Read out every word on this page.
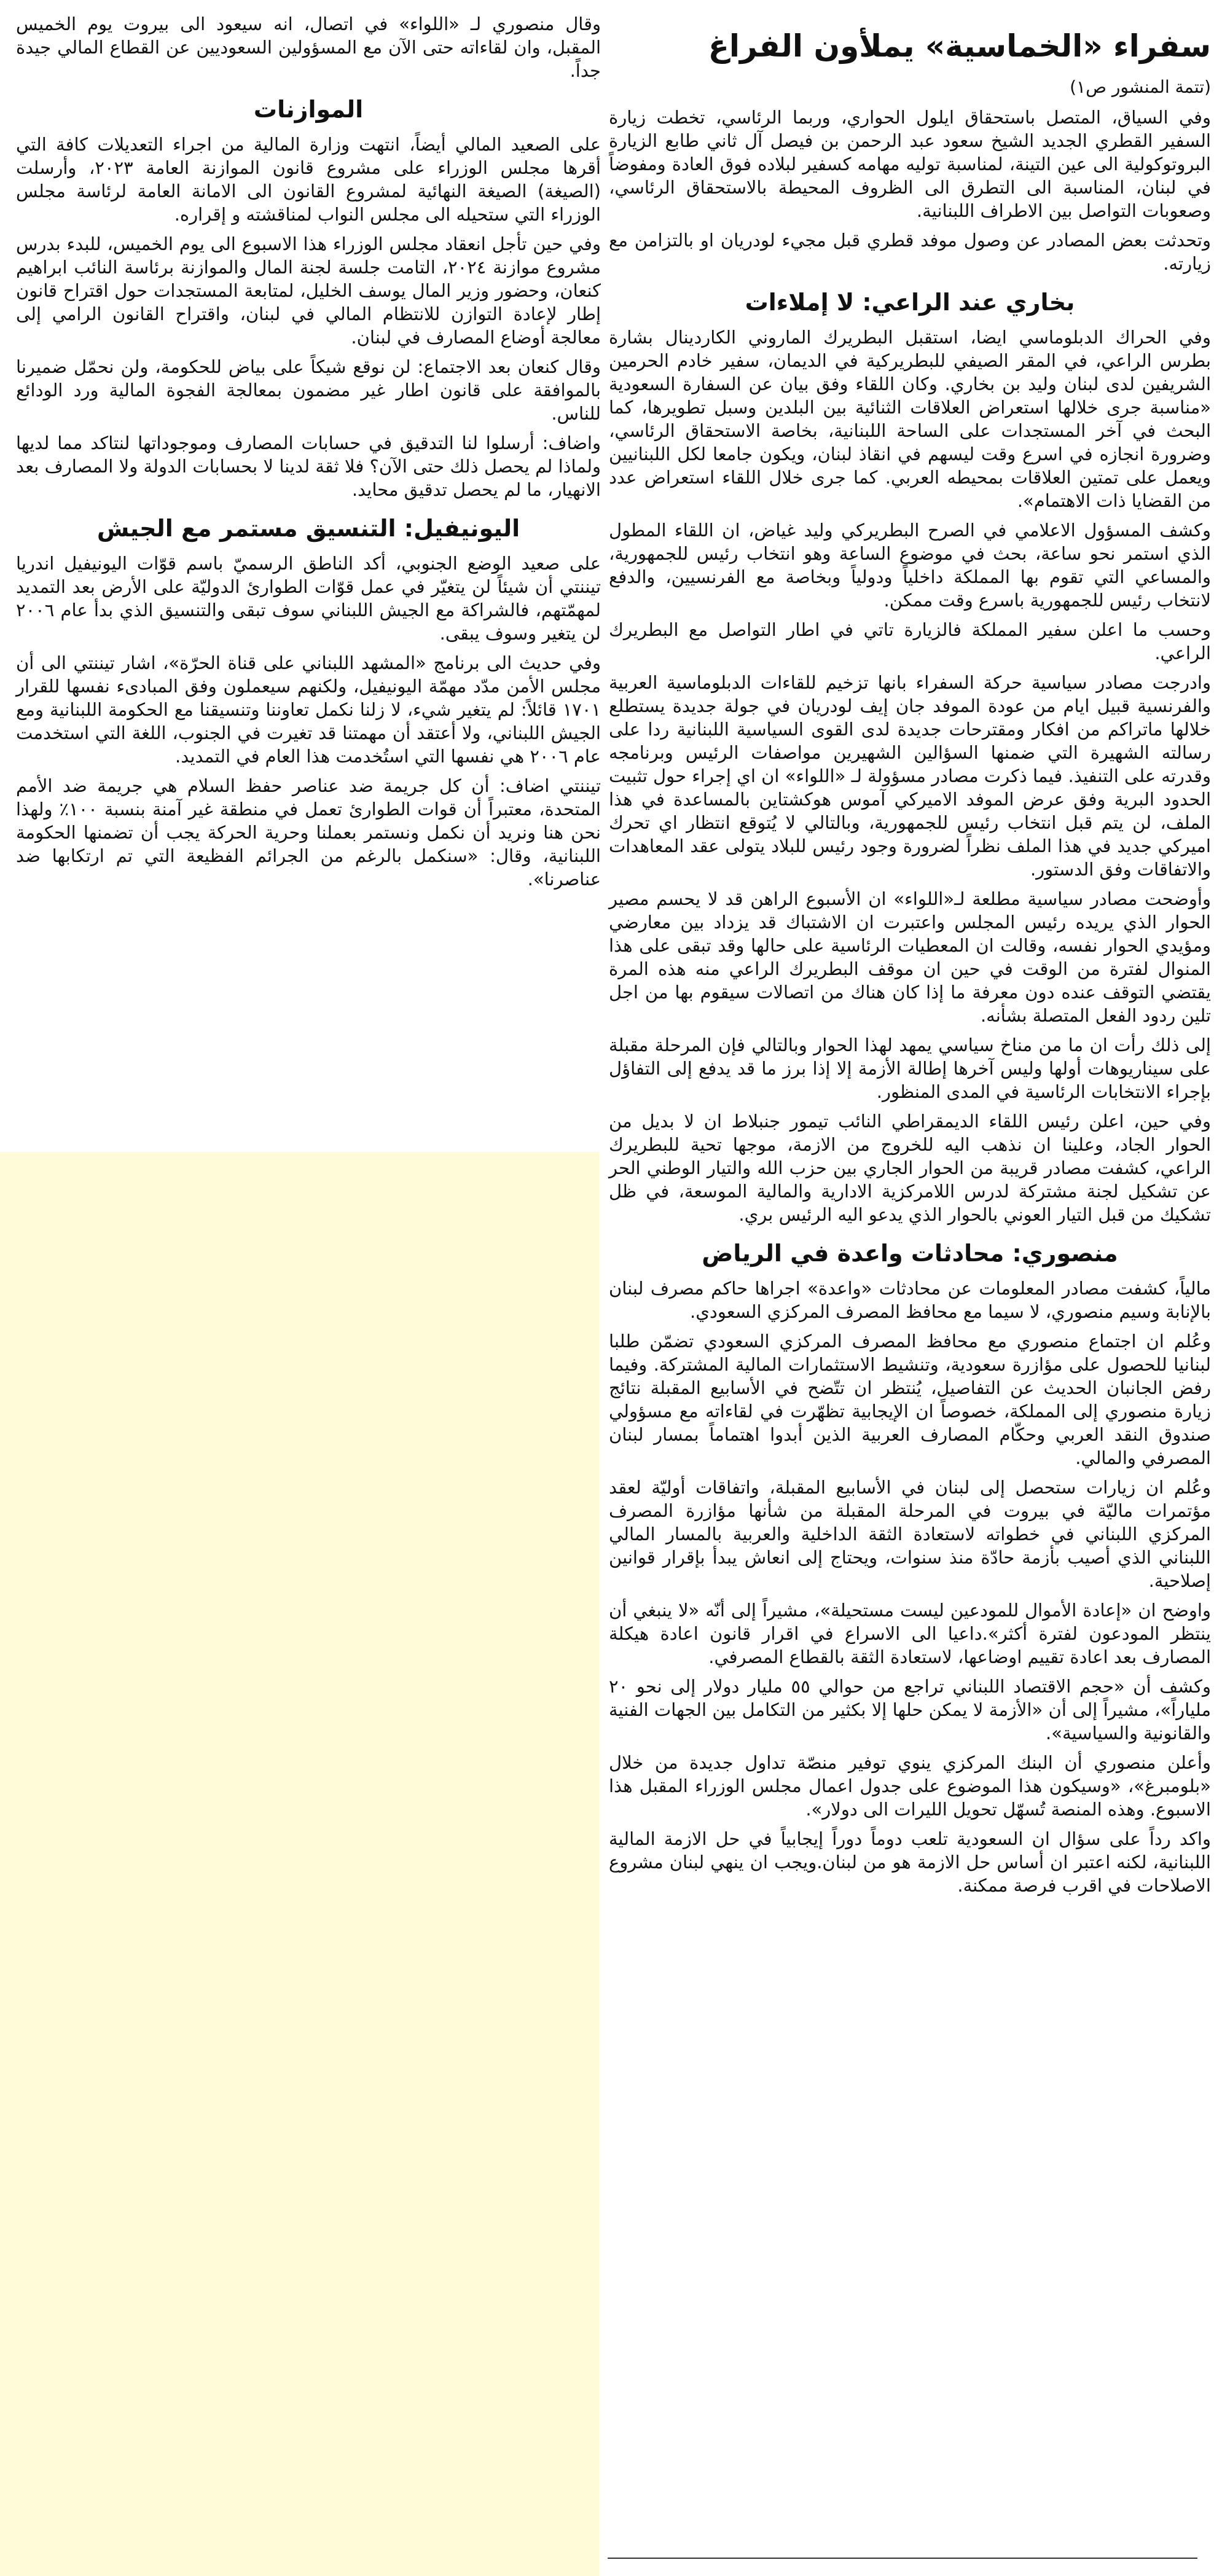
سفراء «الخماسية» يملأون الفراغ
(تتمة المنشور ص١)

وفي السياق، المتصل باستحقاق ايلول الحواري، وربما الرئاسي، تخطت زيارة السفير القطري الجديد الشيخ سعود عبد الرحمن بن فيصل آل ثاني طابع الزيارة البروتوكولية الى عين التينة، لمناسبة توليه مهامه كسفير لبلاده فوق العادة ومفوضاً في لبنان، المناسبة الى التطرق الى الظروف المحيطة بالاستحقاق الرئاسي، وصعوبات التواصل بين الاطراف اللبنانية.

وتحدثت بعض المصادر عن وصول موفد قطري قبل مجيء لودريان او بالتزامن مع زيارته.

بخاري عند الراعي: لا إملاءات

وفي الحراك الدبلوماسي ايضا، استقبل البطريرك الماروني الكاردينال بشارة بطرس الراعي، في المقر الصيفي للبطريركية في الديمان، سفير خادم الحرمين الشريفين لدى لبنان وليد بن بخاري. وكان اللقاء وفق بيان عن السفارة السعودية «مناسبة جرى خلالها استعراض العلاقات الثنائية بين البلدين وسبل تطويرها، كما البحث في آخر المستجدات على الساحة اللبنانية، بخاصة الاستحقاق الرئاسي، وضرورة انجازه في اسرع وقت ليسهم في انقاذ لبنان، ويكون جامعا لكل اللبنانيين ويعمل على تمتين العلاقات بمحيطه العربي. كما جرى خلال اللقاء استعراض عدد من القضايا ذات الاهتمام».

وكشف المسؤول الاعلامي في الصرح البطريركي وليد غياض، ان اللقاء المطول الذي استمر نحو ساعة، بحث في موضوع الساعة وهو انتخاب رئيس للجمهورية، والمساعي التي تقوم بها المملكة داخلياً ودولياً وبخاصة مع الفرنسيين، والدفع لانتخاب رئيس للجمهورية باسرع وقت ممكن.

وحسب ما اعلن سفير المملكة فالزيارة تاتي في اطار التواصل مع البطريرك الراعي.

وادرجت مصادر سياسية حركة السفراء بانها تزخيم للقاءات الدبلوماسية العربية والفرنسية قبيل ايام من عودة الموفد جان إيف لودريان في جولة جديدة يستطلع خلالها ماتراكم من افكار ومقترحات جديدة لدى القوى السياسية اللبنانية ردا على رسالته الشهيرة التي ضمنها السؤالين الشهيرين مواصفات الرئيس وبرنامجه وقدرته على التنفيذ. فيما ذكرت مصادر مسؤولة لـ «اللواء» ان اي إجراء حول تثبيت الحدود البرية وفق عرض الموفد الاميركي آموس هوكشتاين بالمساعدة في هذا الملف، لن يتم قبل انتخاب رئيس للجمهورية، وبالتالي لا يُتوقع انتظار اي تحرك اميركي جديد في هذا الملف نظراً لضرورة وجود رئيس للبلاد يتولى عقد المعاهدات والاتفاقات وفق الدستور.

وأوضحت مصادر سياسية مطلعة لـ«اللواء» ان الأسبوع الراهن قد لا يحسم مصير الحوار الذي يريده رئيس المجلس واعتبرت ان الاشتباك قد يزداد بين معارضي ومؤيدي الحوار نفسه، وقالت ان المعطيات الرئاسية على حالها وقد تبقى على هذا المنوال لفترة من الوقت في حين ان موقف البطريرك الراعي منه هذه المرة يقتضي التوقف عنده دون معرفة ما إذا كان هناك من اتصالات سيقوم بها من اجل تلين ردود الفعل المتصلة بشأنه.

إلى ذلك رأت ان ما من مناخ سياسي يمهد لهذا الحوار وبالتالي فإن المرحلة مقبلة على سيناريوهات أولها وليس آخرها إطالة الأزمة إلا إذا برز ما قد يدفع إلى التفاؤل بإجراء الانتخابات الرئاسية في المدى المنظور.

وفي حين، اعلن رئيس اللقاء الديمقراطي النائب تيمور جنبلاط ان لا بديل من الحوار الجاد، وعلينا ان نذهب اليه للخروج من الازمة، موجها تحية للبطريرك الراعي، كشفت مصادر قريبة من الحوار الجاري بين حزب الله والتيار الوطني الحر عن تشكيل لجنة مشتركة لدرس اللامركزية الادارية والمالية الموسعة، في ظل تشكيك من قبل التيار العوني بالحوار الذي يدعو اليه الرئيس بري.

منصوري: محادثات واعدة في الرياض

مالياً، كشفت مصادر المعلومات عن محادثات «واعدة» اجراها حاكم مصرف لبنان بالإنابة وسيم منصوري، لا سيما مع محافظ المصرف المركزي السعودي.

وعُلم ان اجتماع منصوري مع محافظ المصرف المركزي السعودي تضمّن طلبا لبنانيا للحصول على مؤازرة سعودية، وتنشيط الاستثمارات المالية المشتركة. وفيما رفض الجانبان الحديث عن التفاصيل، يُنتظر ان تتّضح في الأسابيع المقبلة نتائج زيارة منصوري إلى المملكة، خصوصاً ان الإيجابية تظهّرت في لقاءاته مع مسؤولي صندوق النقد العربي وحكّام المصارف العربية الذين أبدوا اهتماماً بمسار لبنان المصرفي والمالي.

وعُلم ان زيارات ستحصل إلى لبنان في الأسابيع المقبلة، واتفاقات أوليّة لعقد مؤتمرات ماليّة في بيروت في المرحلة المقبلة من شأنها مؤازرة المصرف المركزي اللبناني في خطواته لاستعادة الثقة الداخلية والعربية بالمسار المالي اللبناني الذي أصيب بأزمة حادّة منذ سنوات، ويحتاج إلى انعاش يبدأ بإقرار قوانين إصلاحية.

واوضح ان «إعادة الأموال للمودعين ليست مستحيلة»، مشيراً إلى أنّه «لا ينبغي أن ينتظر المودعون لفترة أكثر».داعيا الى الاسراع في اقرار قانون اعادة هيكلة المصارف بعد اعادة تقييم اوضاعها، لاستعادة الثقة بالقطاع المصرفي.

وكشف أن «حجم الاقتصاد اللبناني تراجع من حوالي ٥٥ مليار دولار إلى نحو ٢٠ ملياراً»، مشيراً إلى أن «الأزمة لا يمكن حلها إلا بكثير من التكامل بين الجهات الفنية والقانونية والسياسية».

وأعلن منصوري أن البنك المركزي ينوي توفير منصّة تداول جديدة من خلال «بلومبرغ»، «وسيكون هذا الموضوع على جدول اعمال مجلس الوزراء المقبل هذا الاسبوع. وهذه المنصة تُسهّل تحويل الليرات الى دولار».

واكد رداً على سؤال ان السعودية تلعب دوماً دوراً إيجابياً في حل الازمة المالية اللبنانية، لكنه اعتبر ان أساس حل الازمة هو من لبنان.ويجب ان ينهي لبنان مشروع الاصلاحات في اقرب فرصة ممكنة.

وقال منصوري لـ «اللواء» في اتصال، انه سيعود الى بيروت يوم الخميس المقبل، وان لقاءاته حتى الآن مع المسؤولين السعوديين عن القطاع المالي جيدة جداً.

الموازنات

على الصعيد المالي أيضاً، انتهت وزارة المالية من اجراء التعديلات كافة التي أقرها مجلس الوزراء على مشروع قانون الموازنة العامة ٢٠٢٣، وأرسلت (الصيغة) الصيغة النهائية لمشروع القانون الى الامانة العامة لرئاسة مجلس الوزراء التي ستحيله الى مجلس النواب لمناقشته و إقراره.

وفي حين تأجل انعقاد مجلس الوزراء هذا الاسبوع الى يوم الخميس، للبدء بدرس مشروع موازنة ٢٠٢٤، التامت جلسة لجنة المال والموازنة برئاسة النائب ابراهيم كنعان، وحضور وزير المال يوسف الخليل، لمتابعة المستجدات حول اقتراح قانون إطار لإعادة التوازن للانتظام المالي في لبنان، واقتراح القانون الرامي إلى معالجة أوضاع المصارف في لبنان.

وقال كنعان بعد الاجتماع: لن نوقع شيكاً على بياض للحكومة، ولن نحمّل ضميرنا بالموافقة على قانون اطار غير مضمون بمعالجة الفجوة المالية ورد الودائع للناس.

واضاف: أرسلوا لنا التدقيق في حسابات المصارف وموجوداتها لنتاكد مما لديها ولماذا لم يحصل ذلك حتى الآن؟ فلا ثقة لدينا لا بحسابات الدولة ولا المصارف بعد الانهيار، ما لم يحصل تدقيق محايد.

اليونيفيل: التنسيق مستمر مع الجيش

على صعيد الوضع الجنوبي، أكد الناطق الرسميّ باسم قوّات اليونيفيل اندريا تيننتي أن شيئاً لن يتغيّر في عمل قوّات الطوارئ الدوليّة على الأرض بعد التمديد لمهمّتهم، فالشراكة مع الجيش اللبناني سوف تبقى والتنسيق الذي بدأ عام ٢٠٠٦ لن يتغير وسوف يبقى.

وفي حديث الى برنامج «المشهد اللبناني على قناة الحرّة»، اشار تيننتي الى أن مجلس الأمن مدّد مهمّة اليونيفيل، ولكنهم سيعملون وفق المبادىء نفسها للقرار ١٧٠١ قائلاً: لم يتغير شيء، لا زلنا نكمل تعاوننا وتنسيقنا مع الحكومة اللبنانية ومع الجيش اللبناني، ولا أعتقد أن مهمتنا قد تغيرت في الجنوب، اللغة التي استخدمت عام ٢٠٠٦ هي نفسها التي استُخدمت هذا العام في التمديد.

تيننتي اضاف: أن كل جريمة ضد عناصر حفظ السلام هي جريمة ضد الأمم المتحدة، معتبراً أن قوات الطوارئ تعمل في منطقة غير آمنة بنسبة ١٠٠٪ ولهذا نحن هنا ونريد أن نكمل ونستمر بعملنا وحرية الحركة يجب أن تضمنها الحكومة اللبنانية، وقال: «سنكمل بالرغم من الجرائم الفظيعة التي تم ارتكابها ضد عناصرنا».
